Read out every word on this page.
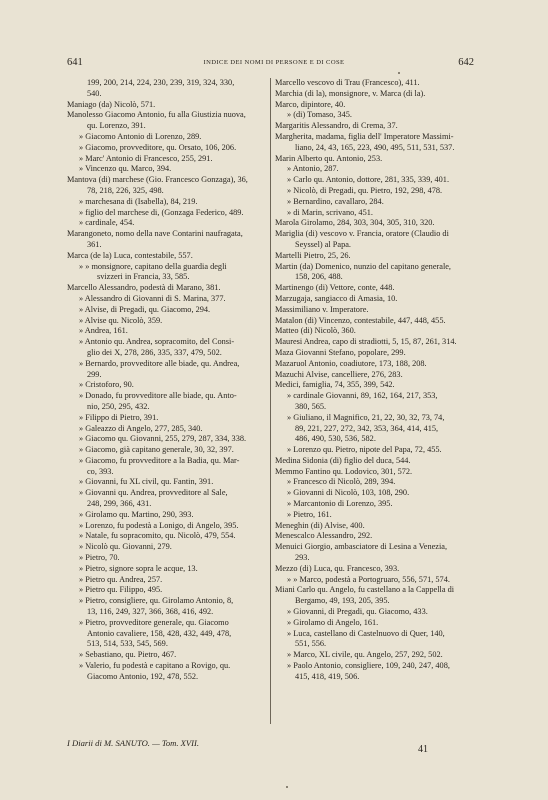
641	INDICE DEI NOMI DI PERSONE E DI COSE	642
199, 200, 214, 224, 230, 239, 319, 324, 330,
540.
Maniago (da) Nicolò, 571.
Manolesso Giacomo Antonio, fu alla Giustizia nuova,
qu. Lorenzo, 391.
» Giacomo Antonio di Lorenzo, 289.
» Giacomo, provveditore, qu. Orsato, 106, 206.
» Marc' Antonio di Francesco, 255, 291.
» Vincenzo qu. Marco, 394.
Mantova (di) marchese (Gio. Francesco Gonzaga), 36,
78, 218, 226, 325, 498.
» marchesana di (Isabella), 84, 219.
» figlio del marchese di, (Gonzaga Federico, 489.
» cardinale, 454.
Marangoneto, nomo della nave Contarini naufragata,
361.
Marca (de la) Luca, contestabile, 557.
» » monsignore, capitano della guardia degli
svizzeri in Francia, 33, 585.
Marcello Alessandro, podestà di Marano, 381.
» Alessandro di Giovanni di S. Marina, 377.
» Alvise, di Pregadi, qu. Giacomo, 294.
» Alvise qu. Nicolò, 359.
» Andrea, 161.
» Antonio qu. Andrea, sopracomito, del Consi-
glio dei X, 278, 286, 335, 337, 479, 502.
» Bernardo, provveditore alle biade, qu. Andrea,
299.
» Cristoforo, 90.
» Donado, fu provveditore alle biade, qu. Anto-
nio, 250, 295, 432.
» Filippo di Pietro, 391.
» Galeazzo di Angelo, 277, 285, 340.
» Giacomo qu. Giovanni, 255, 279, 287, 334, 338.
» Giacomo, già capitano generale, 30, 32, 397.
» Giacomo, fu provveditore a la Badia, qu. Mar-
co, 393.
» Giovanni, fu XL civil, qu. Fantin, 391.
» Giovanni qu. Andrea, provveditore al Sale,
248, 299, 366, 431.
» Girolamo qu. Martino, 290, 393.
» Lorenzo, fu podestà a Lonigo, di Angelo, 395.
» Natale, fu sopracomito, qu. Nicolò, 479, 554.
» Nicolò qu. Giovanni, 279.
» Pietro, 70.
» Pietro, signore sopra le acque, 13.
» Pietro qu. Andrea, 257.
» Pietro qu. Filippo, 495.
» Pietro, consigliere, qu. Girolamo Antonio, 8,
13, 116, 249, 327, 366, 368, 416, 492.
» Pietro, provveditore generale, qu. Giacomo
Antonio cavaliere, 158, 428, 432, 449, 478,
513, 514, 533, 545, 569.
» Sebastiano, qu. Pietro, 467.
» Valerio, fu podestà e capitano a Rovigo, qu.
Giacomo Antonio, 192, 478, 552.
Marcello vescovo di Trau (Francesco), 411.
Marchia (di la), monsignore, v. Marca (di la).
Marco, dipintore, 40.
» (di) Tomaso, 345.
Margaritis Alessandro, di Crema, 37.
Margherita, madama, figlia dell' Imperatore Massimi-
liano, 24, 43, 165, 223, 490, 495, 511, 531, 537.
Marin Alberto qu. Antonio, 253.
» Antonio, 287.
» Carlo qu. Antonio, dottore, 281, 335, 339, 401.
» Nicolò, di Pregadi, qu. Pietro, 192, 298, 478.
» Bernardino, cavallaro, 284.
» di Marin, scrivano, 451.
Marola Girolamo, 284, 303, 304, 305, 310, 320.
Mariglia (di) vescovo v. Francia, oratore (Claudio di
Seyssel) al Papa.
Martelli Pietro, 25, 26.
Martin (da) Domenico, nunzio del capitano generale,
158, 206, 488.
Martinengo (di) Vettore, conte, 448.
Marzugaja, sangiacco di Amasia, 10.
Massimiliano v. Imperatore.
Matalon (di) Vincenzo, contestabile, 447, 448, 455.
Matteo (di) Nicolò, 360.
Mauresi Andrea, capo di stradiotti, 5, 15, 87, 261, 314.
Maza Giovanni Stefano, popolare, 299.
Mazaruol Antonio, coadiutore, 173, 188, 208.
Mazuchi Alvise, cancelliere, 276, 283.
Medici, famiglia, 74, 355, 399, 542.
» cardinale Giovanni, 89, 162, 164, 217, 353,
380, 565.
» Giuliano, il Magnifico, 21, 22, 30, 32, 73, 74,
89, 221, 227, 272, 342, 353, 364, 414, 415,
486, 490, 530, 536, 582.
» Lorenzo qu. Pietro, nipote del Papa, 72, 455.
Medina Sidonia (di) figlio del duca, 544.
Memmo Fantino qu. Lodovico, 301, 572.
» Francesco di Nicolò, 289, 394.
» Giovanni di Nicolò, 103, 108, 290.
» Marcantonio di Lorenzo, 395.
» Pietro, 161.
Meneghin (di) Alvise, 400.
Menescalco Alessandro, 292.
Menuici Giorgio, ambasciatore di Lesina a Venezia,
293.
Mezzo (di) Luca, qu. Francesco, 393.
» » Marco, podestà a Portogruaro, 556, 571, 574.
Miani Carlo qu. Angelo, fu castellano a la Cappella di
Bergamo, 49, 193, 205, 395.
» Giovanni, di Pregadi, qu. Giacomo, 433.
» Girolamo di Angelo, 161.
» Luca, castellano di Castelnuovo di Quer, 140,
551, 556.
» Marco, XL civile, qu. Angelo, 257, 292, 502.
» Paolo Antonio, consigliere, 109, 240, 247, 408,
415, 418, 419, 506.
I Diarii di M. SANUTO. — Tom. XVII.
41
